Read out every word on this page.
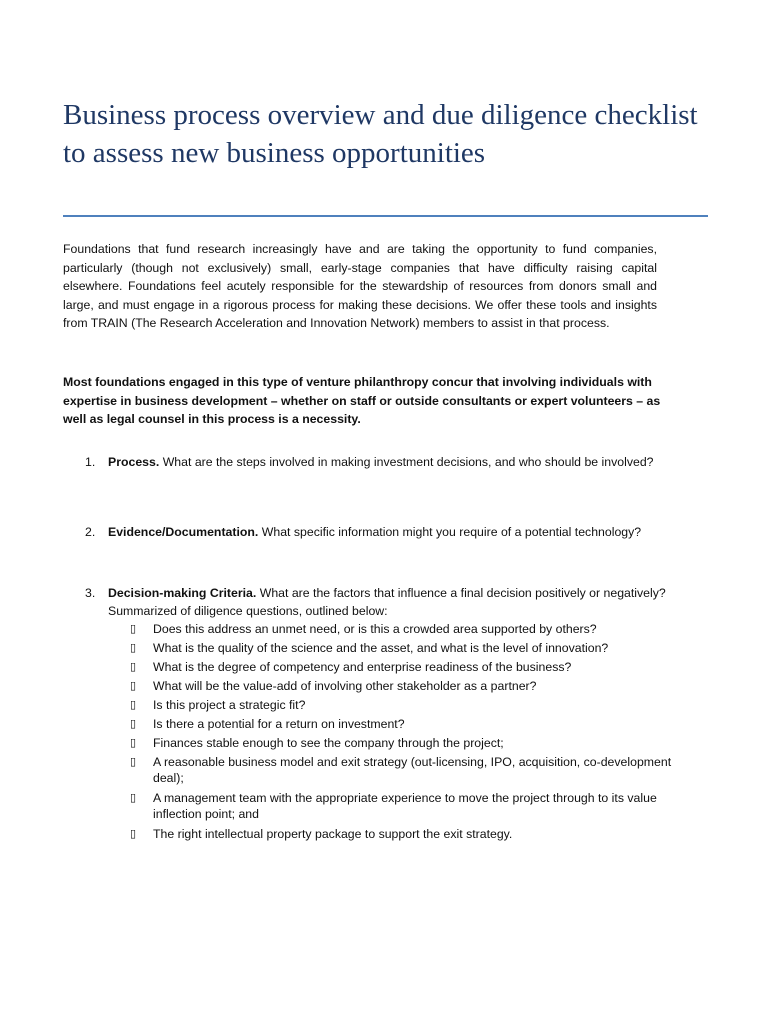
Business process overview and due diligence checklist to assess new business opportunities

Foundations that fund research increasingly have and are taking the opportunity to fund companies, particularly (though not exclusively) small, early-stage companies that have difficulty raising capital elsewhere. Foundations feel acutely responsible for the stewardship of resources from donors small and large, and must engage in a rigorous process for making these decisions. We offer these tools and insights from TRAIN (The Research Acceleration and Innovation Network) members to assist in that process.

Most foundations engaged in this type of venture philanthropy concur that involving individuals with expertise in business development – whether on staff or outside consultants or expert volunteers – as well as legal counsel in this process is a necessity.

1.	Process. What are the steps involved in making investment decisions, and who should be involved?
2.	Evidence/Documentation. What specific information might you require of a potential technology?
3.	Decision-making Criteria. What are the factors that influence a final decision positively or negatively? Summarized of diligence questions, outlined below:
▯	Does this address an unmet need, or is this a crowded area supported by others?
▯	What is the quality of the science and the asset, and what is the level of innovation?
▯	What is the degree of competency and enterprise readiness of the business?
▯	What will be the value-add of involving other stakeholder as a partner?
▯	Is this project a strategic fit?
▯	Is there a potential for a return on investment?
▯	Finances stable enough to see the company through the project;
▯	A reasonable business model and exit strategy (out-licensing, IPO, acquisition, co-development deal);
▯	A management team with the appropriate experience to move the project through to its value inflection point; and
▯	The right intellectual property package to support the exit strategy.
